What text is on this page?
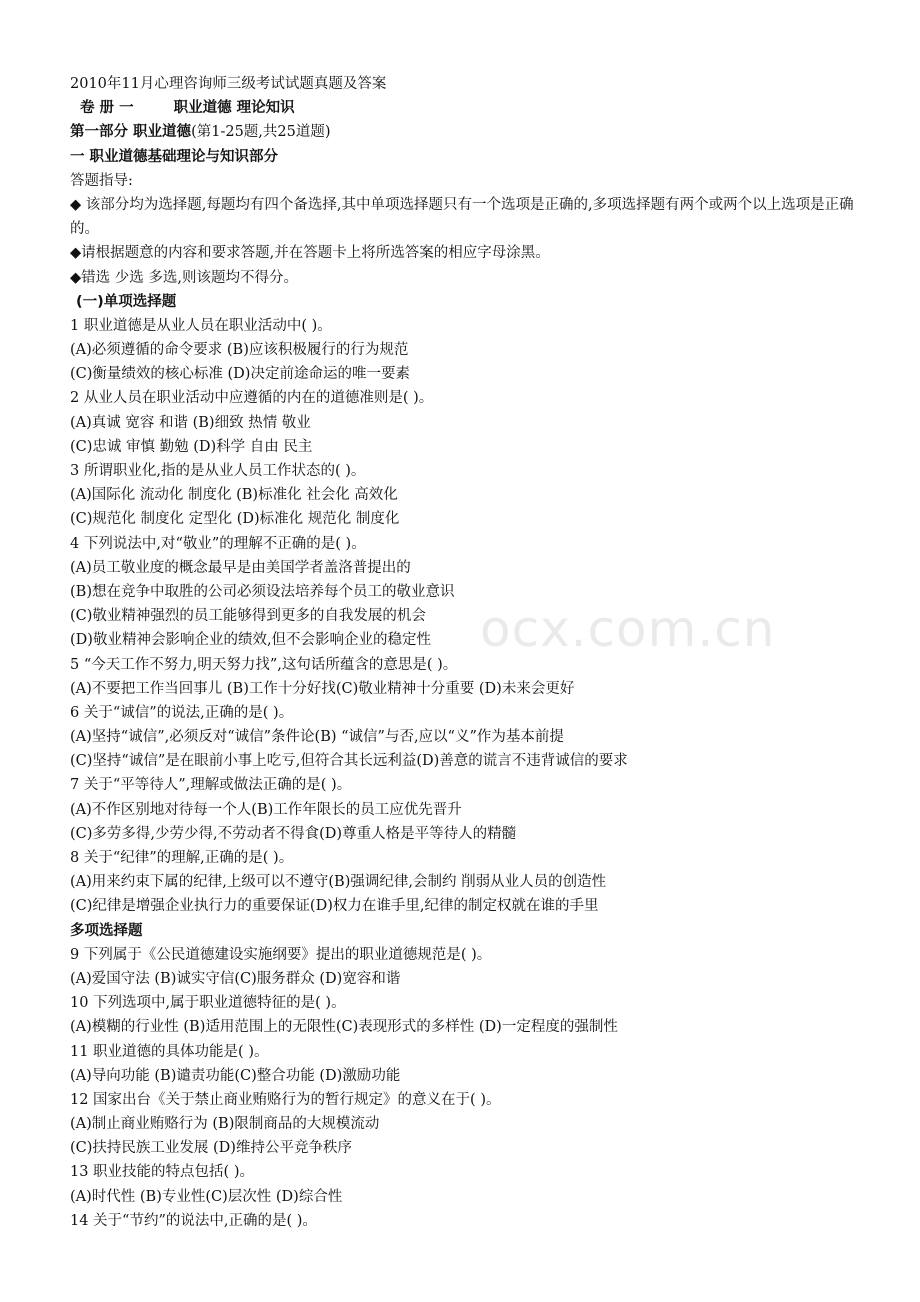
ocx.com.cn
2010年11月心理咨询师三级考试试题真题及答案
卷 册 一	职业道德 理论知识
第一部分 职业道德(第1-25题,共25道题)
一 职业道德基础理论与知识部分
答题指导:
◆ 该部分均为选择题,每题均有四个备选择,其中单项选择题只有一个选项是正确的,多项选择题有两个或两个以上选项是正确的。
◆请根据题意的内容和要求答题,并在答题卡上将所选答案的相应字母涂黑。
◆错选 少选 多选,则该题均不得分。
(一)单项选择题
1 职业道德是从业人员在职业活动中( )。
(A)必须遵循的命令要求 (B)应该积极履行的行为规范
(C)衡量绩效的核心标准 (D)决定前途命运的唯一要素
2 从业人员在职业活动中应遵循的内在的道德准则是( )。
(A)真诚 宽容 和谐 (B)细致 热情 敬业
(C)忠诚 审慎 勤勉 (D)科学 自由 民主
3 所谓职业化,指的是从业人员工作状态的( )。
(A)国际化 流动化 制度化 (B)标准化 社会化 高效化
(C)规范化 制度化 定型化 (D)标准化 规范化 制度化
4 下列说法中,对“敬业”的理解不正确的是( )。
(A)员工敬业度的概念最早是由美国学者盖洛普提出的
(B)想在竞争中取胜的公司必须设法培养每个员工的敬业意识
(C)敬业精神强烈的员工能够得到更多的自我发展的机会
(D)敬业精神会影响企业的绩效,但不会影响企业的稳定性
5 “今天工作不努力,明天努力找”,这句话所蕴含的意思是( )。
(A)不要把工作当回事儿 (B)工作十分好找(C)敬业精神十分重要 (D)未来会更好
6 关于“诚信”的说法,正确的是( )。
(A)坚持“诚信”,必须反对“诚信”条件论(B) “诚信”与否,应以“义”作为基本前提
(C)坚持“诚信”是在眼前小事上吃亏,但符合其长远利益(D)善意的谎言不违背诚信的要求
7 关于“平等待人”,理解或做法正确的是( )。
(A)不作区别地对待每一个人(B)工作年限长的员工应优先晋升
(C)多劳多得,少劳少得,不劳动者不得食(D)尊重人格是平等待人的精髓
8 关于“纪律”的理解,正确的是( )。
(A)用来约束下属的纪律,上级可以不遵守(B)强调纪律,会制约 削弱从业人员的创造性
(C)纪律是增强企业执行力的重要保证(D)权力在谁手里,纪律的制定权就在谁的手里
多项选择题
9 下列属于《公民道德建设实施纲要》提出的职业道德规范是( )。
(A)爱国守法 (B)诚实守信(C)服务群众 (D)宽容和谐
10 下列选项中,属于职业道德特征的是( )。
(A)模糊的行业性 (B)适用范围上的无限性(C)表现形式的多样性 (D)一定程度的强制性
11 职业道德的具体功能是( )。
(A)导向功能 (B)谴责功能(C)整合功能 (D)激励功能
12 国家出台《关于禁止商业贿赂行为的暂行规定》的意义在于( )。
(A)制止商业贿赂行为 (B)限制商品的大规模流动
(C)扶持民族工业发展 (D)维持公平竞争秩序
13 职业技能的特点包括( )。
(A)时代性 (B)专业性(C)层次性 (D)综合性
14 关于“节约”的说法中,正确的是( )。
